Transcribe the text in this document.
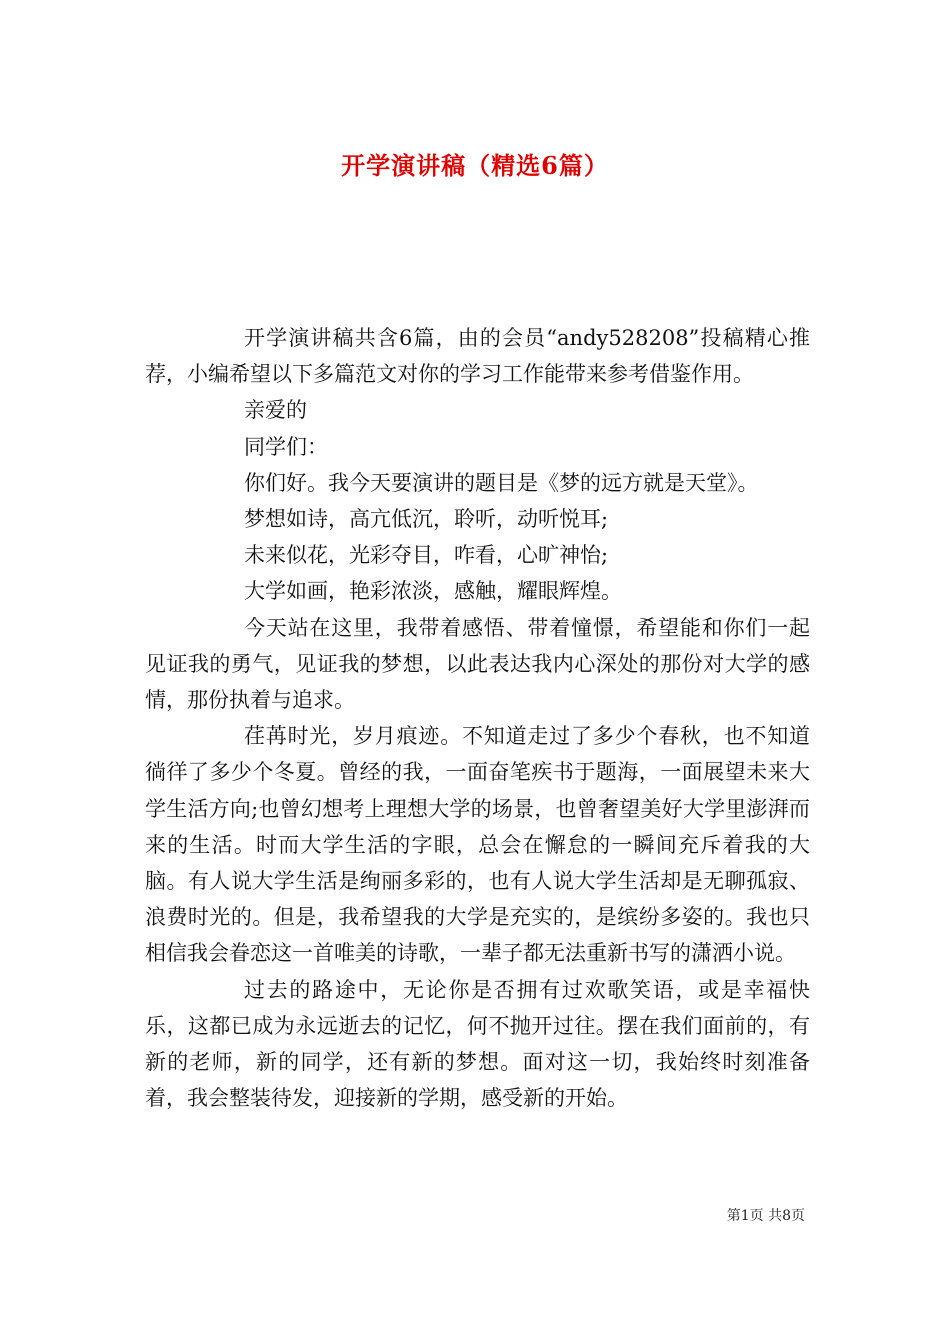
开学演讲稿（精选6篇）

开学演讲稿共含6篇，由的会员“andy528208”投稿精心推荐，小编希望以下多篇范文对你的学习工作能带来参考借鉴作用。

亲爱的

同学们：

你们好。我今天要演讲的题目是《梦的远方就是天堂》。

梦想如诗，高亢低沉，聆听，动听悦耳;

未来似花，光彩夺目，咋看，心旷神怡;

大学如画，艳彩浓淡，感触，耀眼辉煌。

今天站在这里，我带着感悟、带着憧憬，希望能和你们一起见证我的勇气，见证我的梦想，以此表达我内心深处的那份对大学的感情，那份执着与追求。

荏苒时光，岁月痕迹。不知道走过了多少个春秋，也不知道徜徉了多少个冬夏。曾经的我，一面奋笔疾书于题海，一面展望未来大学生活方向;也曾幻想考上理想大学的场景，也曾奢望美好大学里澎湃而来的生活。时而大学生活的字眼，总会在懈怠的一瞬间充斥着我的大脑。有人说大学生活是绚丽多彩的，也有人说大学生活却是无聊孤寂、浪费时光的。但是，我希望我的大学是充实的，是缤纷多姿的。我也只相信我会眷恋这一首唯美的诗歌，一辈子都无法重新书写的潇洒小说。

过去的路途中，无论你是否拥有过欢歌笑语，或是幸福快乐，这都已成为永远逝去的记忆，何不抛开过往。摆在我们面前的，有新的老师，新的同学，还有新的梦想。面对这一切，我始终时刻准备着，我会整装待发，迎接新的学期，感受新的开始。

第1页 共8页
